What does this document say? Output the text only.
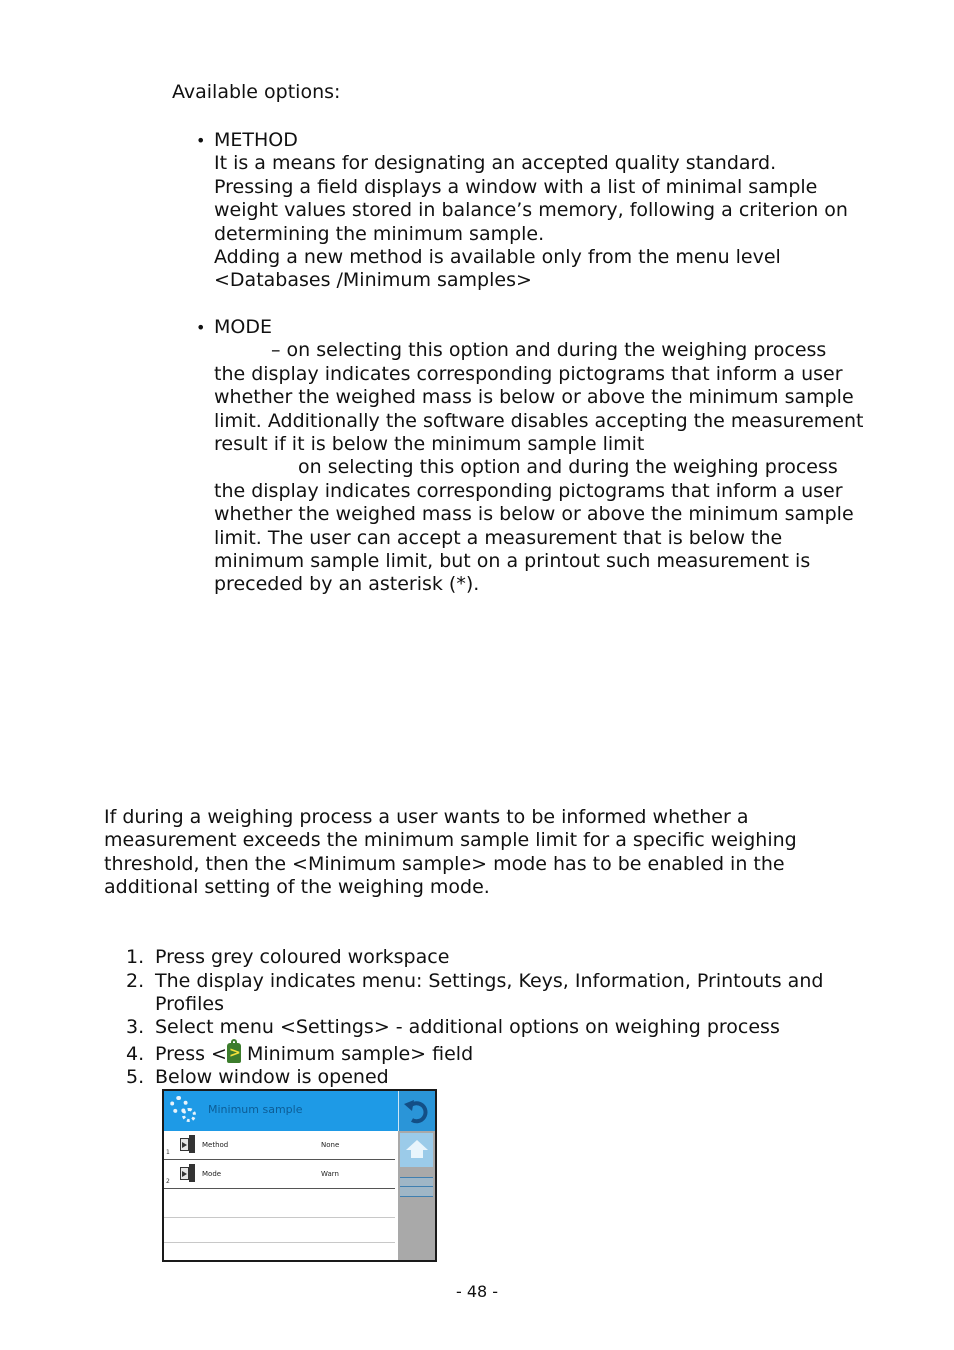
Available options:
• METHOD
It is a means for designating an accepted quality standard.
Pressing a field displays a window with a list of minimal sample
weight values stored in balance’s memory, following a criterion on
determining the minimum sample.
Adding a new method is available only from the menu level
<Databases /Minimum samples>
• MODE
– on selecting this option and during the weighing process
the display indicates corresponding pictograms that inform a user
whether the weighed mass is below or above the minimum sample
limit. Additionally the software disables accepting the measurement
result if it is below the minimum sample limit
on selecting this option and during the weighing process
the display indicates corresponding pictograms that inform a user
whether the weighed mass is below or above the minimum sample
limit. The user can accept a measurement that is below the
minimum sample limit, but on a printout such measurement is
preceded by an asterisk (*).
If during a weighing process a user wants to be informed whether a
measurement exceeds the minimum sample limit for a specific weighing
threshold, then the <Minimum sample> mode has to be enabled in the
additional setting of the weighing mode.
1. Press grey coloured workspace
2. The display indicates menu: Settings, Keys, Information, Printouts and
Profiles
3. Select menu <Settings> - additional options on weighing process
4. Press < > Minimum sample> field
5. Below window is opened
Minimum sample
1
Method	None
2
Mode	Warn
- 48 -
